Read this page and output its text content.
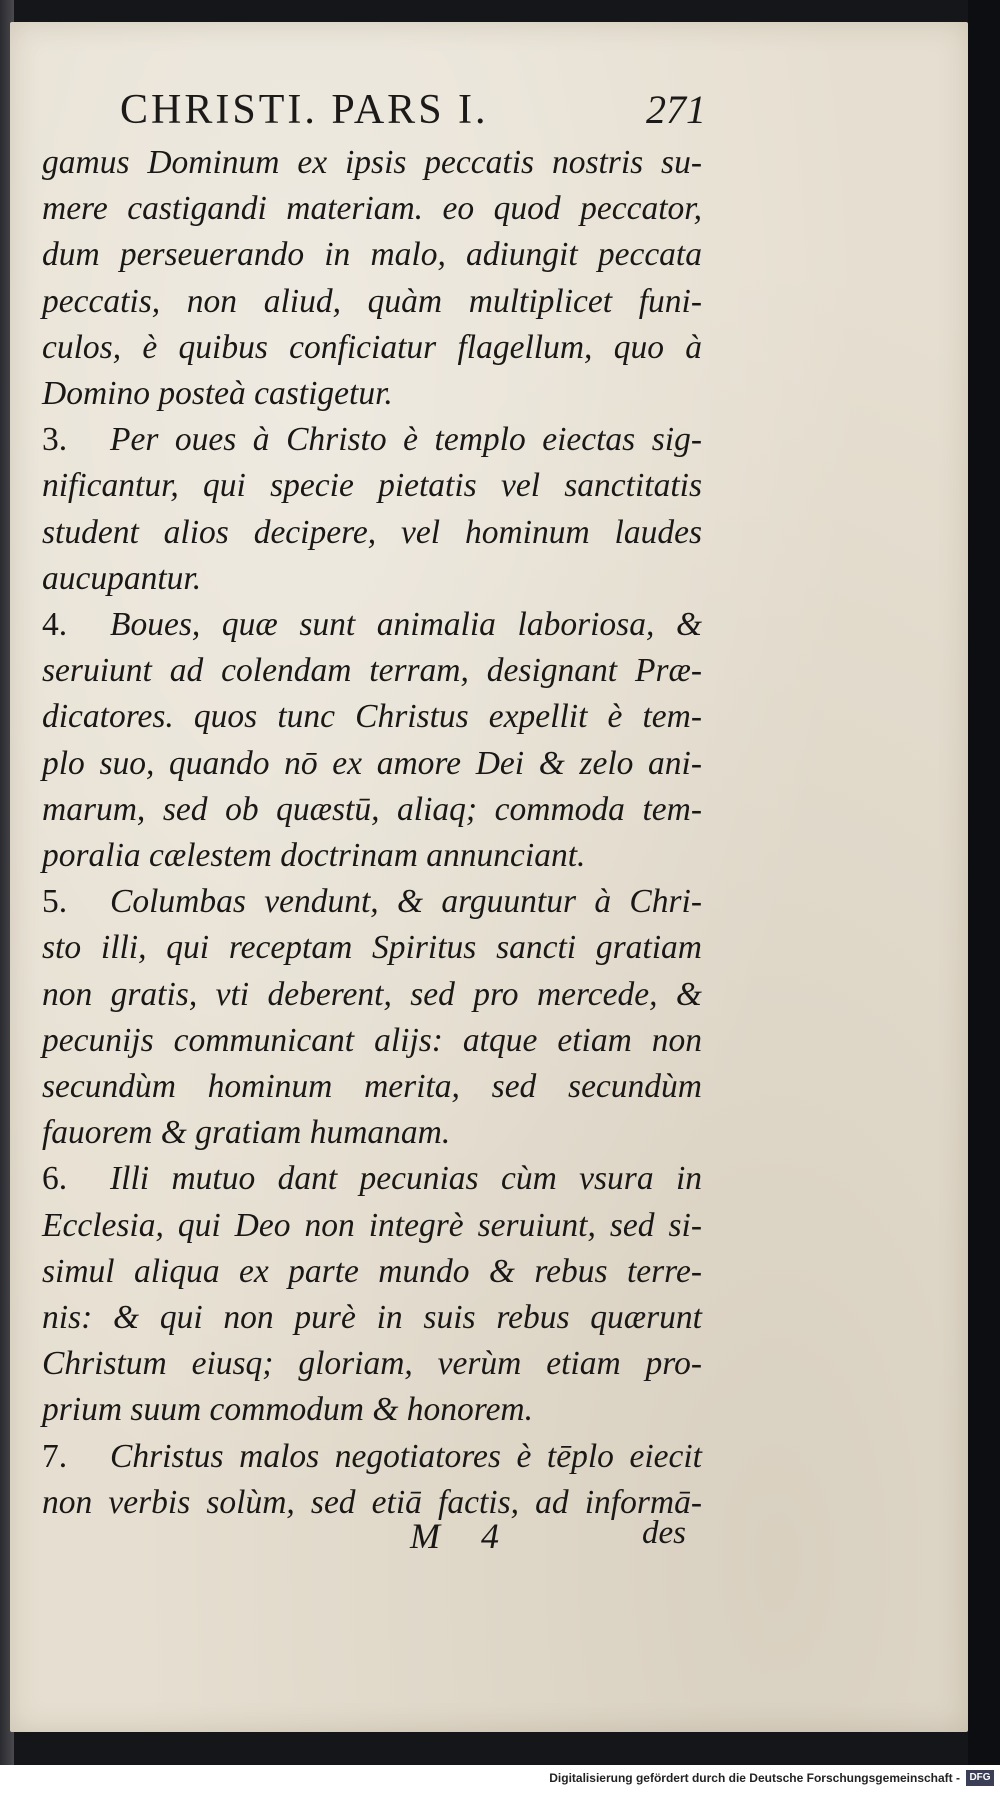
CHRISTI. PARS I.	271
gamus Dominum ex ipsis peccatis nostris su-
mere castigandi materiam. eo quod peccator,
dum perseuerando in malo, adiungit peccata
peccatis, non aliud, quàm multiplicet funi-
culos, è quibus conficiatur flagellum, quo à
Domino posteà castigetur.
3. Per oues à Christo è templo eiectas sig-
nificantur, qui specie pietatis vel sanctitatis
student alios decipere, vel hominum laudes
aucupantur.
4. Boues, quæ sunt animalia laboriosa, &
seruiunt ad colendam terram, designant Præ-
dicatores. quos tunc Christus expellit è tem-
plo suo, quando nō ex amore Dei & zelo ani-
marum, sed ob quæstū, aliaq; commoda tem-
poralia cælestem doctrinam annunciant.
5. Columbas vendunt, & arguuntur à Chri-
sto illi, qui receptam Spiritus sancti gratiam
non gratis, vti deberent, sed pro mercede, &
pecunijs communicant alijs: atque etiam non
secundùm hominum merita, sed secundùm
fauorem & gratiam humanam.
6. Illi mutuo dant pecunias cùm vsura in
Ecclesia, qui Deo non integrè seruiunt, sed si-
simul aliqua ex parte mundo & rebus terre-
nis: & qui non purè in suis rebus quærunt
Christum eiusq; gloriam, verùm etiam pro-
prium suum commodum & honorem.
7. Christus malos negotiatores è tēplo eiecit
non verbis solùm, sed etiā factis, ad informā-
M 4	des
Digitalisierung gefördert durch die Deutsche Forschungsgemeinschaft - DFG
